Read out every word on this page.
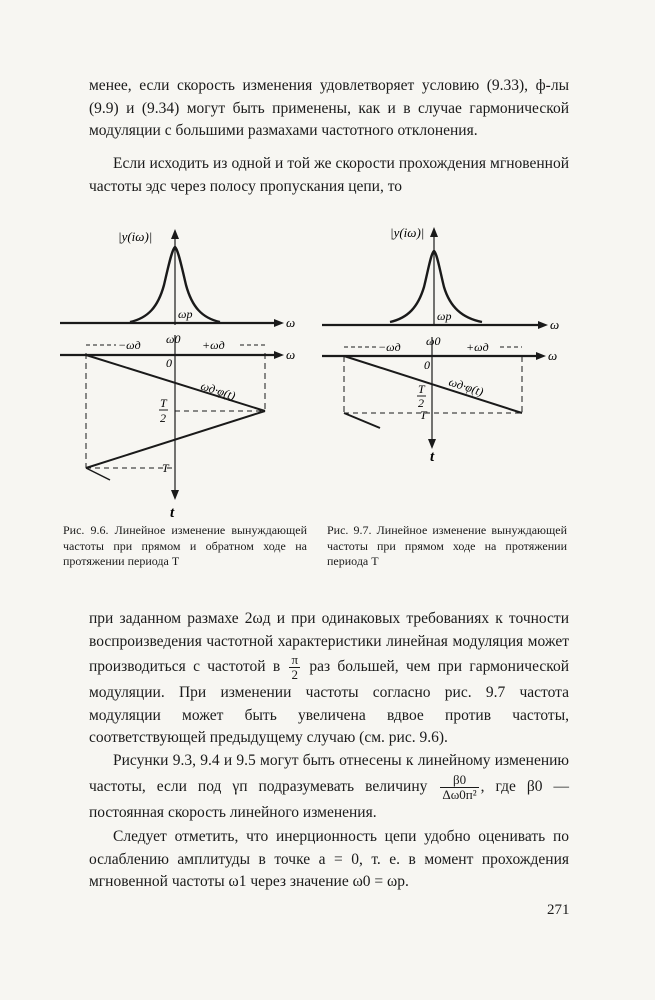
менее, если скорость изменения удовлетворяет условию (9.33), ф-лы (9.9) и (9.34) могут быть применены, как и в случае гармонической модуляции с большими размахами частотного отклонения.

Если исходить из одной и той же скорости прохождения мгновенной частоты эдс через полосу пропускания цепи, то

|y(iω)|
ω
ωр
ω0
−ωд	+ωд
ω
t
0
T
2
T
ωд·φ(t)

Рис. 9.6. Линейное изменение вынуждающей частоты при прямом и обратном ходе на протяжении периода T

|y(iω)|
ω
ωр
ω0
−ωд	+ωд
ω
t
0
T
2
T
ωд·φ(t)

Рис. 9.7. Линейное изменение вынуждающей частоты при прямом ходе на протяжении периода T

при заданном размахе 2ωд и при одинаковых требованиях к точности воспроизведения частотной характеристики линейная модуляция может производиться с частотой в $\frac{\pi}{2}$ раз большей, чем при гармонической модуляции. При изменении частоты согласно рис. 9.7 частота модуляции может быть увеличена вдвое против частоты, соответствующей предыдущему случаю (см. рис. 9.6).

Рисунки 9.3, 9.4 и 9.5 могут быть отнесены к линейному изменению частоты, если под γп подразумевать величину $\frac{\beta 0}{\text{Δω0п²}}$ , где β0 — постоянная скорость линейного изменения.

Следует отметить, что инерционность цепи удобно оценивать по ослаблению амплитуды в точке a = 0, т. е. в момент прохождения мгновенной частоты ω1 через значение ω0 = ωр.

271
